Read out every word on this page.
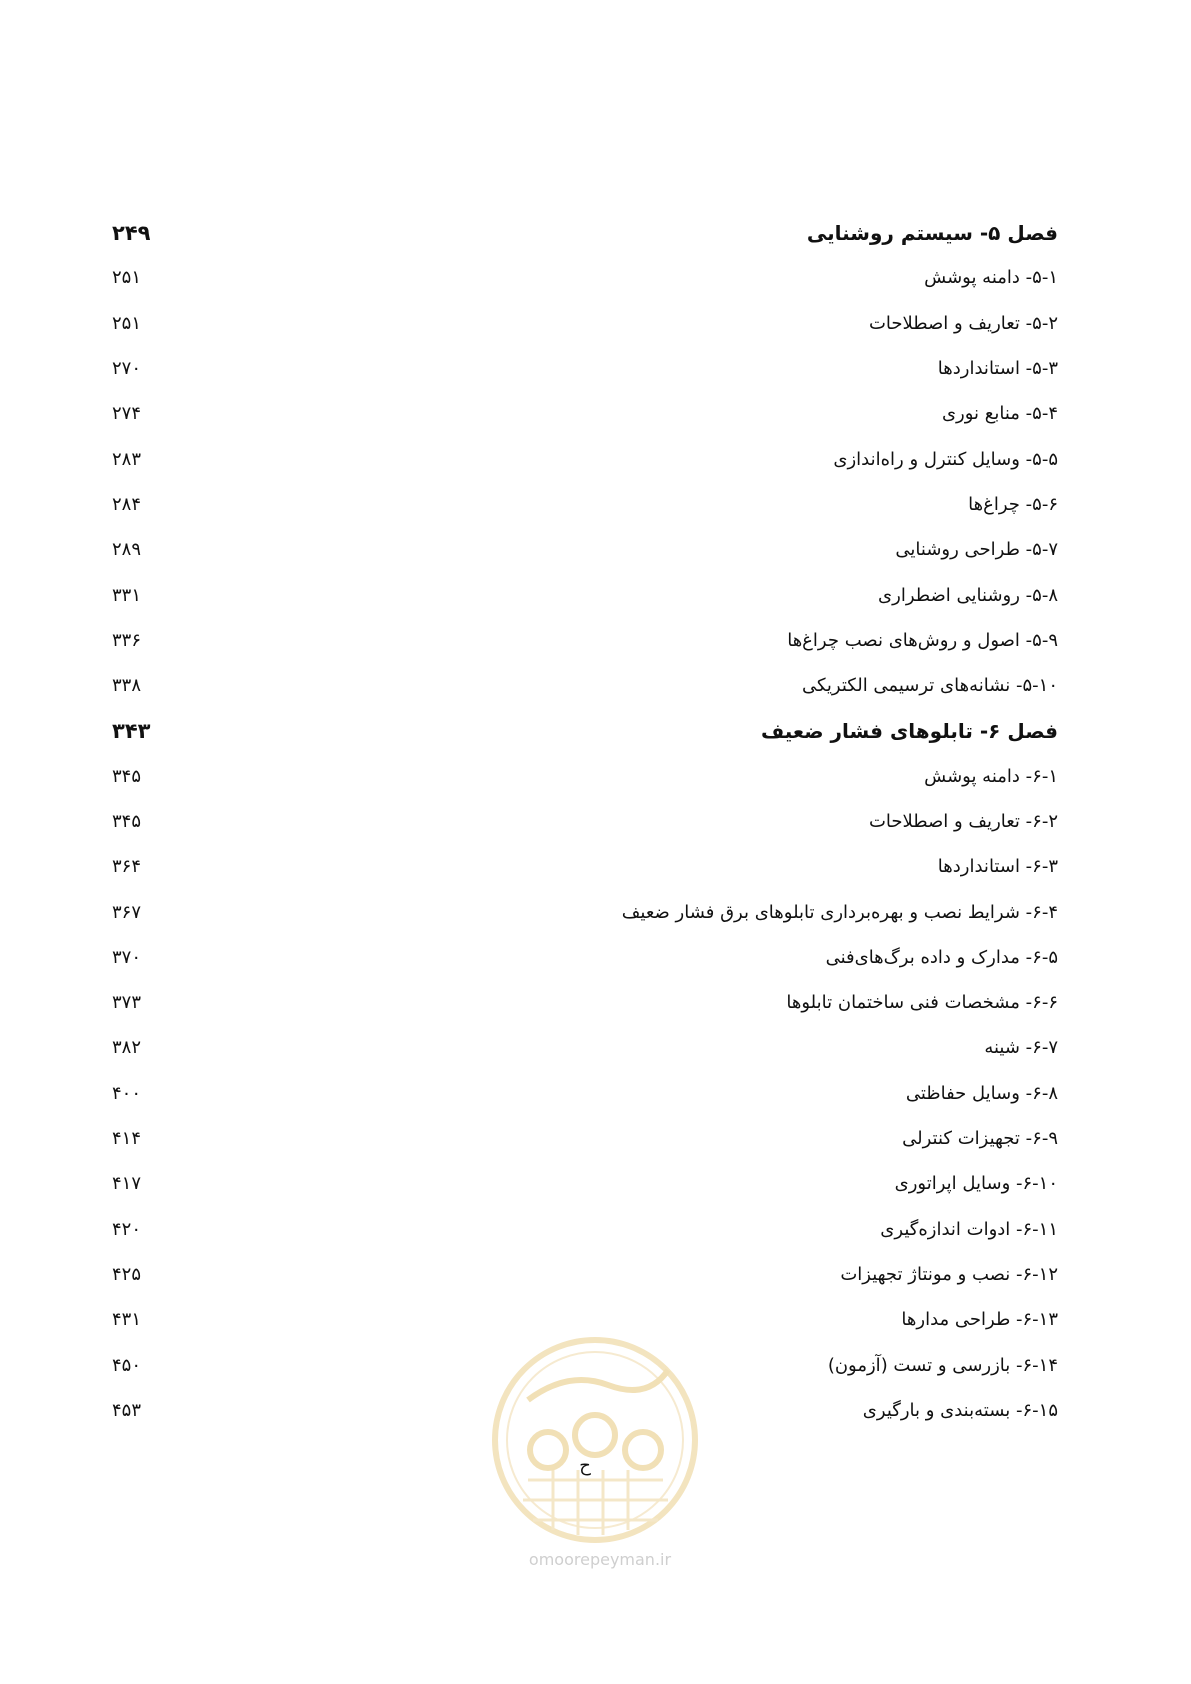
فصل ۵- سیستم روشنایی
۲۴۹
۵-۱- دامنه پوشش
۲۵۱
۵-۲- تعاریف و اصطلاحات
۲۵۱
۵-۳- استانداردها
۲۷۰
۵-۴- منابع نوری
۲۷۴
۵-۵- وسایل کنترل و راه‌اندازی
۲۸۳
۵-۶- چراغ‌ها
۲۸۴
۵-۷- طراحی روشنایی
۲۸۹
۵-۸- روشنایی اضطراری
۳۳۱
۵-۹- اصول و روش‌های نصب چراغ‌ها
۳۳۶
۵-۱۰- نشانه‌های ترسیمی الکتریکی
۳۳۸
فصل ۶- تابلوهای فشار ضعیف
۳۴۳
۶-۱- دامنه پوشش
۳۴۵
۶-۲- تعاریف و اصطلاحات
۳۴۵
۶-۳- استانداردها
۳۶۴
۶-۴- شرایط نصب و بهره‌برداری تابلوهای برق فشار ضعیف
۳۶۷
۶-۵- مدارک و داده برگ‌های‌فنی
۳۷۰
۶-۶- مشخصات فنی ساختمان تابلوها
۳۷۳
۶-۷- شینه
۳۸۲
۶-۸- وسایل حفاظتی
۴۰۰
۶-۹- تجهیزات کنترلی
۴۱۴
۶-۱۰- وسایل اپراتوری
۴۱۷
۶-۱۱- ادوات اندازه‌گیری
۴۲۰
۶-۱۲- نصب و مونتاژ تجهیزات
۴۲۵
۶-۱۳- طراحی مدارها
۴۳۱
۶-۱۴- بازرسی و تست (آزمون)
۴۵۰
۶-۱۵- بسته‌بندی و بارگیری
۴۵۳
ح
omoorepeyman.ir
